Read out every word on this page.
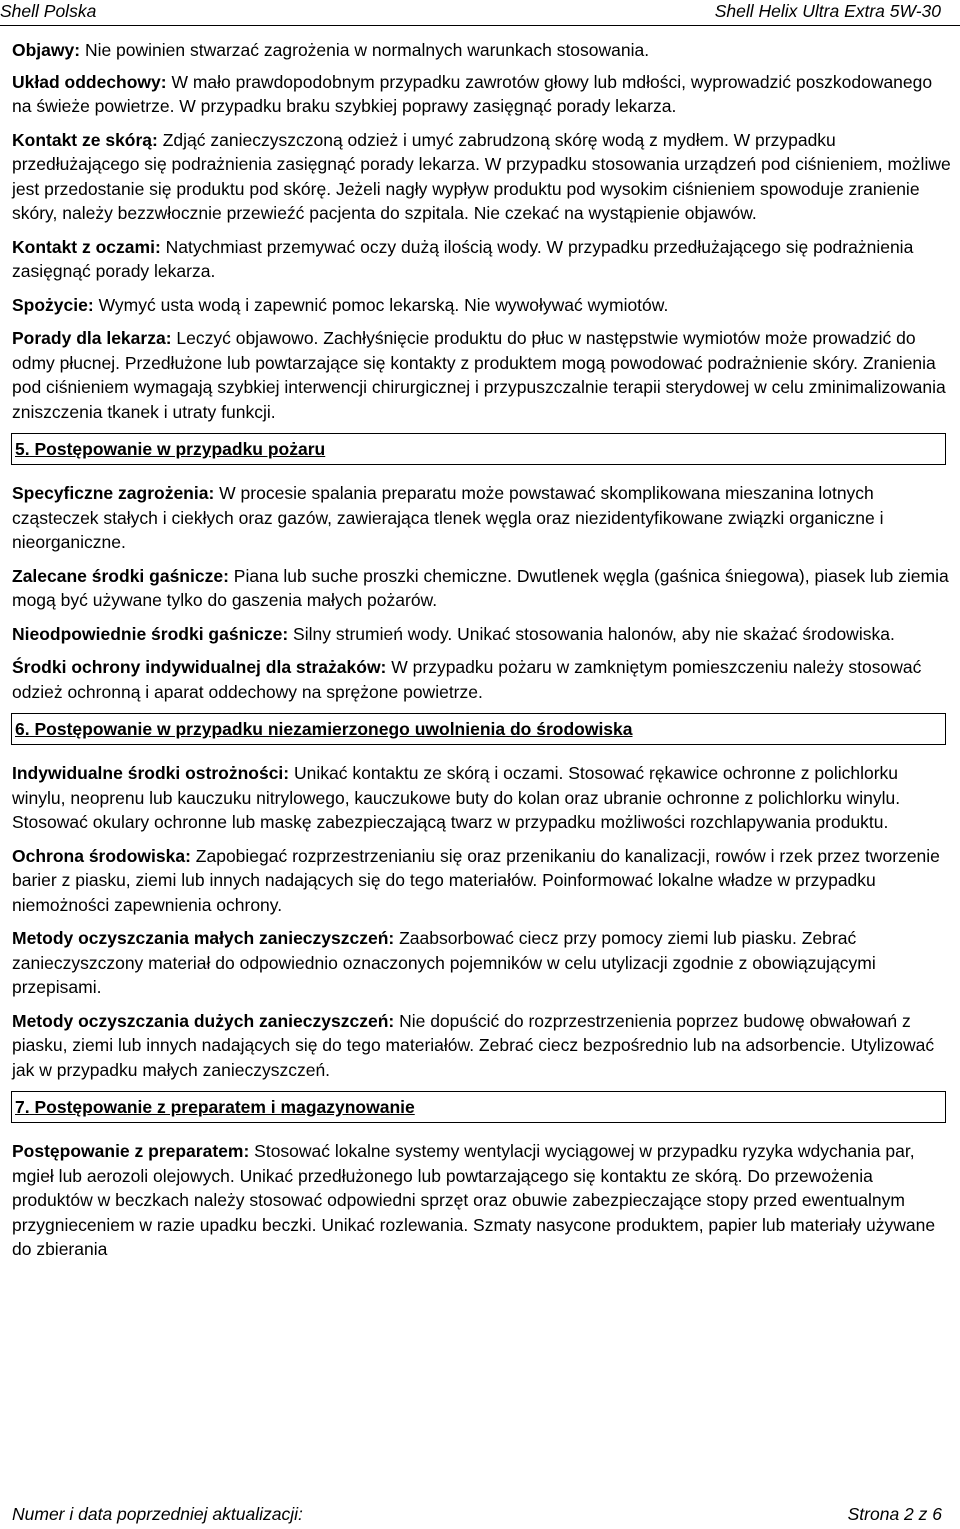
Shell Polska	Shell Helix Ultra Extra 5W-30

Objawy: Nie powinien stwarzać zagrożenia w normalnych warunkach stosowania.

Układ oddechowy: W mało prawdopodobnym przypadku zawrotów głowy lub mdłości, wyprowadzić poszkodowanego na świeże powietrze. W przypadku braku szybkiej poprawy zasięgnąć porady lekarza.

Kontakt ze skórą: Zdjąć zanieczyszczoną odzież i umyć zabrudzoną skórę wodą z mydłem. W przypadku przedłużającego się podrażnienia zasięgnąć porady lekarza. W przypadku stosowania urządzeń pod ciśnieniem, możliwe jest przedostanie się produktu pod skórę. Jeżeli nagły wypływ produktu pod wysokim ciśnieniem spowoduje zranienie skóry, należy bezzwłocznie przewieźć pacjenta do szpitala. Nie czekać na wystąpienie objawów.

Kontakt z oczami: Natychmiast przemywać oczy dużą ilością wody. W przypadku przedłużającego się podrażnienia zasięgnąć porady lekarza.

Spożycie: Wymyć usta wodą i zapewnić pomoc lekarską. Nie wywoływać wymiotów.

Porady dla lekarza: Leczyć objawowo. Zachłyśnięcie produktu do płuc w następstwie wymiotów może prowadzić do odmy płucnej. Przedłużone lub powtarzające się kontakty z produktem mogą powodować podrażnienie skóry. Zranienia pod ciśnieniem wymagają szybkiej interwencji chirurgicznej i przypuszczalnie terapii sterydowej w celu zminimalizowania zniszczenia tkanek i utraty funkcji.

5. Postępowanie w przypadku pożaru

Specyficzne zagrożenia: W procesie spalania preparatu może powstawać skomplikowana mieszanina lotnych cząsteczek stałych i ciekłych oraz gazów, zawierająca tlenek węgla oraz niezidentyfikowane związki organiczne i nieorganiczne.

Zalecane środki gaśnicze: Piana lub suche proszki chemiczne. Dwutlenek węgla (gaśnica śniegowa), piasek lub ziemia mogą być używane tylko do gaszenia małych pożarów.

Nieodpowiednie środki gaśnicze: Silny strumień wody. Unikać stosowania halonów, aby nie skażać środowiska.

Środki ochrony indywidualnej dla strażaków: W przypadku pożaru w zamkniętym pomieszczeniu należy stosować odzież ochronną i aparat oddechowy na sprężone powietrze.

6. Postępowanie w przypadku niezamierzonego uwolnienia do środowiska

Indywidualne środki ostrożności: Unikać kontaktu ze skórą i oczami. Stosować rękawice ochronne z polichlorku winylu, neoprenu lub kauczuku nitrylowego, kauczukowe buty do kolan oraz ubranie ochronne z polichlorku winylu. Stosować okulary ochronne lub maskę zabezpieczającą twarz w przypadku możliwości rozchlapywania produktu.

Ochrona środowiska: Zapobiegać rozprzestrzenianiu się oraz przenikaniu do kanalizacji, rowów i rzek przez tworzenie barier z piasku, ziemi lub innych nadających się do tego materiałów. Poinformować lokalne władze w przypadku niemożności zapewnienia ochrony.

Metody oczyszczania małych zanieczyszczeń: Zaabsorbować ciecz przy pomocy ziemi lub piasku. Zebrać zanieczyszczony materiał do odpowiednio oznaczonych pojemników w celu utylizacji zgodnie z obowiązującymi przepisami.

Metody oczyszczania dużych zanieczyszczeń: Nie dopuścić do rozprzestrzenienia poprzez budowę obwałowań z piasku, ziemi lub innych nadających się do tego materiałów. Zebrać ciecz bezpośrednio lub na adsorbencie. Utylizować jak w przypadku małych zanieczyszczeń.

7. Postępowanie z preparatem i magazynowanie

Postępowanie z preparatem: Stosować lokalne systemy wentylacji wyciągowej w przypadku ryzyka wdychania par, mgieł lub aerozoli olejowych. Unikać przedłużonego lub powtarzającego się kontaktu ze skórą. Do przewożenia produktów w beczkach należy stosować odpowiedni sprzęt oraz obuwie zabezpieczające stopy przed ewentualnym przygnieceniem w razie upadku beczki. Unikać rozlewania. Szmaty nasycone produktem, papier lub materiały używane do zbierania

Numer i data poprzedniej aktualizacji:	Strona 2 z 6
